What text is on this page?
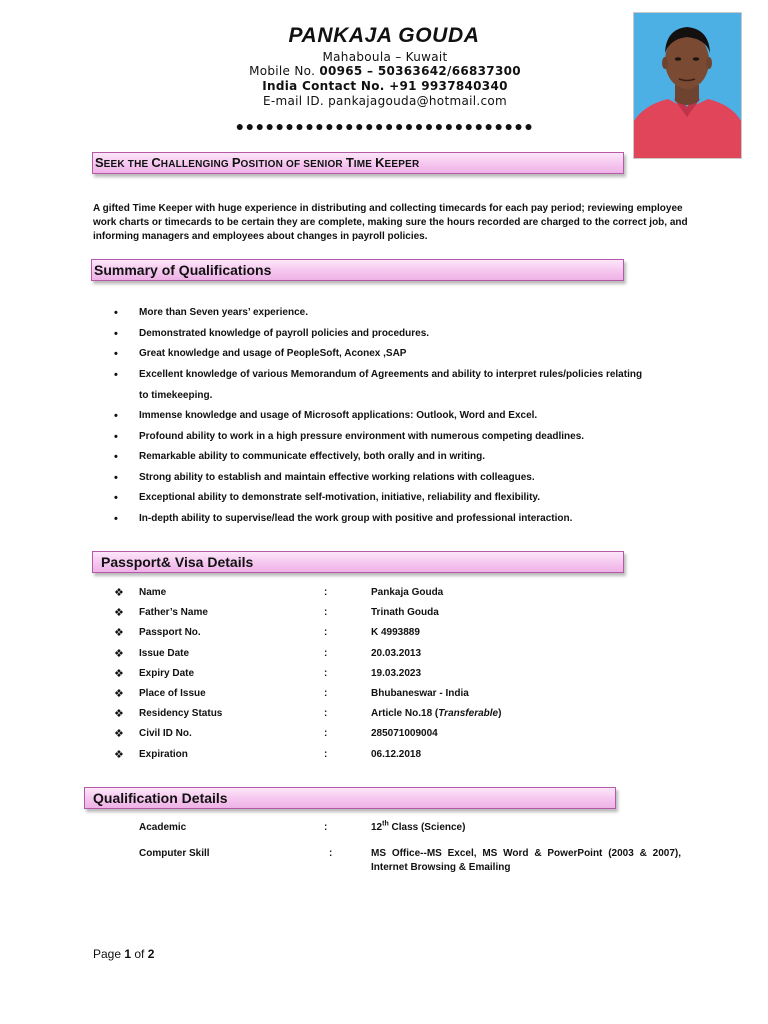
PANKAJA GOUDA
Mahaboula – Kuwait
Mobile No. 00965 – 50363642/66837300
India Contact No. +91 9937840340
E-mail ID. pankajagouda@hotmail.com
●●●●●●●●●●●●●●●●●●●●●●●●●●●●●●
SEEK THE CHALLENGING POSITION OF SENIOR TIME KEEPER
A gifted Time Keeper with huge experience in distributing and collecting timecards for each pay period; reviewing employee work charts or timecards to be certain they are complete, making sure the hours recorded are charged to the correct job, and informing managers and employees about changes in payroll policies.
Summary of Qualifications
• More than Seven years’ experience.
• Demonstrated knowledge of payroll policies and procedures.
• Great knowledge and usage of PeopleSoft, Aconex ,SAP
• Excellent knowledge of various Memorandum of Agreements and ability to interpret rules/policies relating
to timekeeping.
• Immense knowledge and usage of Microsoft applications: Outlook, Word and Excel.
• Profound ability to work in a high pressure environment with numerous competing deadlines.
• Remarkable ability to communicate effectively, both orally and in writing.
• Strong ability to establish and maintain effective working relations with colleagues.
• Exceptional ability to demonstrate self-motivation, initiative, reliability and flexibility.
• In-depth ability to supervise/lead the work group with positive and professional interaction.
Passport& Visa Details
❖ Name	:	Pankaja Gouda
❖ Father’s Name	:	Trinath Gouda
❖ Passport No.	:	K 4993889
❖ Issue Date	:	20.03.2013
❖ Expiry Date	:	19.03.2023
❖ Place of Issue	:	Bhubaneswar - India
❖ Residency Status	:	Article No.18 (Transferable)
❖ Civil ID No.	:	285071009004
❖ Expiration	:	06.12.2018
Qualification Details
Academic	:	12th Class (Science)
Computer Skill	:	MS Office--MS Excel, MS Word & PowerPoint (2003 & 2007), Internet Browsing & Emailing
Page 1 of 2
